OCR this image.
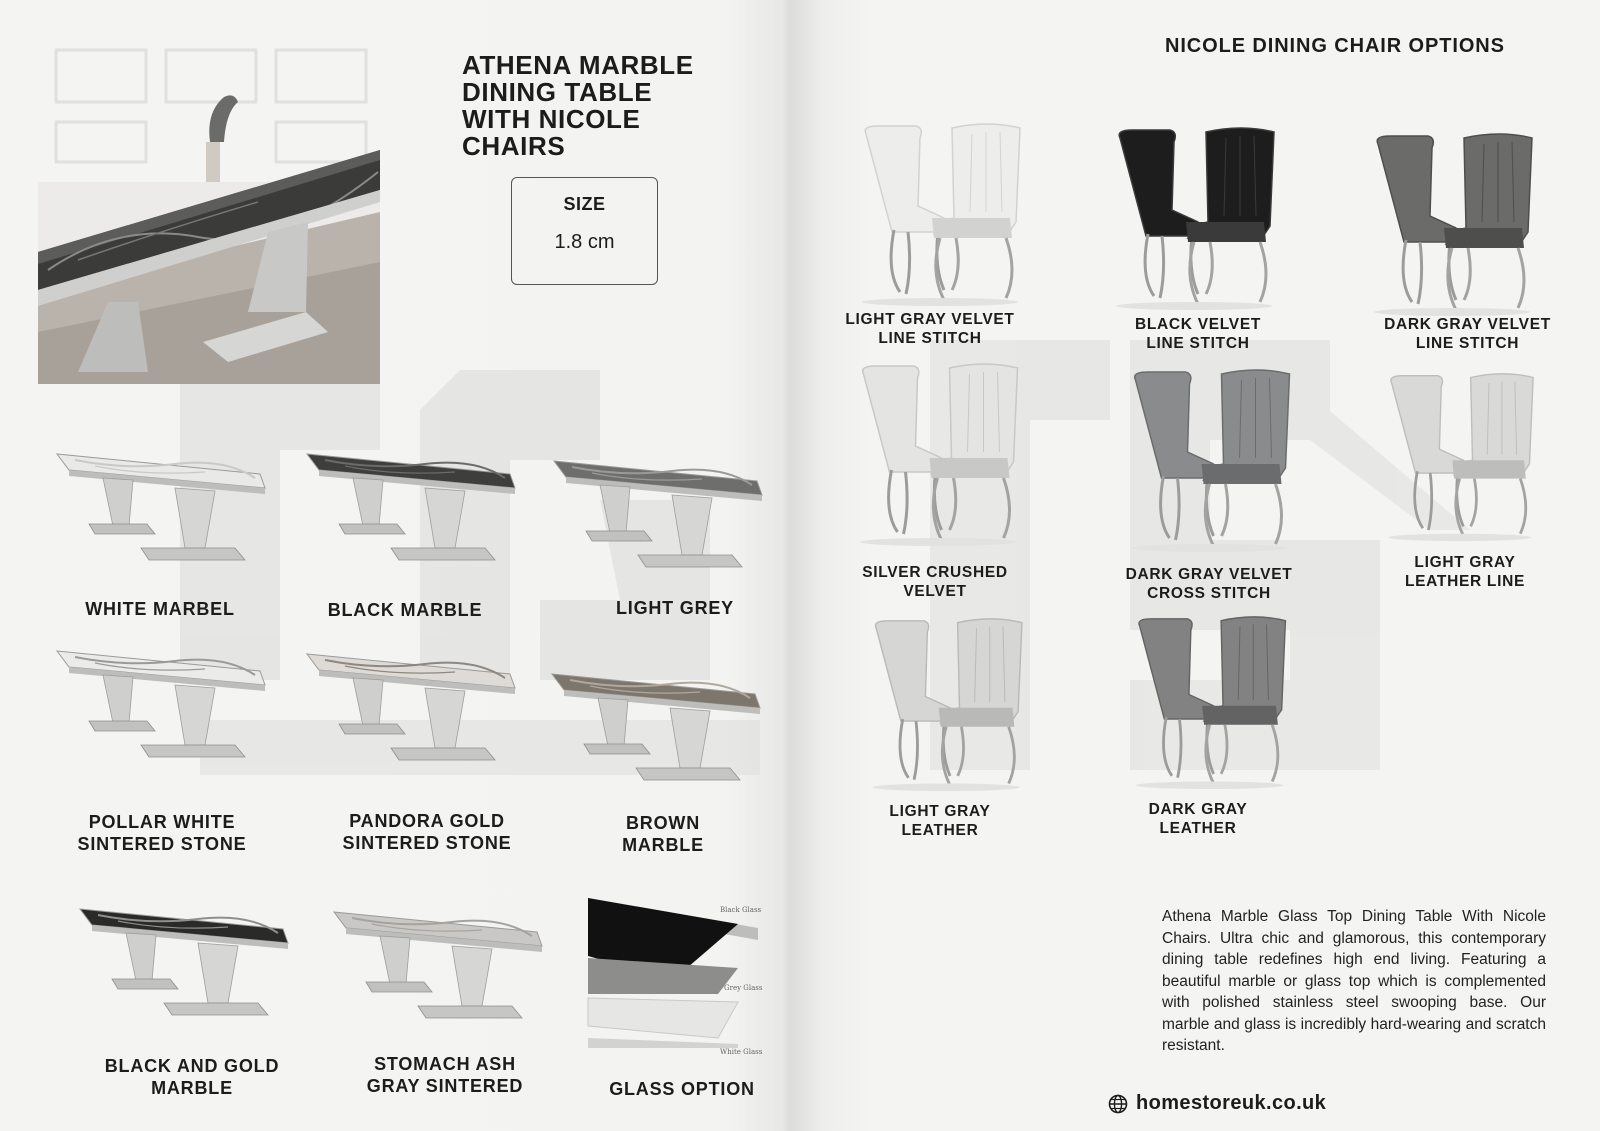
ATHENA MARBLE
DINING TABLE
WITH NICOLE
CHAIRS
SIZE
1.8 cm
WHITE MARBEL	BLACK MARBLE	LIGHT GREY
POLLAR WHITE
SINTERED STONE
PANDORA GOLD
SINTERED STONE
BROWN
MARBLE
BLACK AND GOLD
MARBLE
STOMACH ASH
GRAY SINTERED
Black Glass
Grey Glass
White Glass
GLASS OPTION
NICOLE DINING CHAIR OPTIONS
LIGHT GRAY VELVET
LINE STITCH
BLACK VELVET
LINE STITCH
DARK GRAY VELVET
LINE STITCH
SILVER CRUSHED
VELVET
DARK GRAY VELVET
CROSS STITCH
LIGHT GRAY
LEATHER LINE
LIGHT GRAY
LEATHER
DARK GRAY
LEATHER

Athena Marble Glass Top Dining Table With Nicole Chairs. Ultra chic and glamorous, this contemporary dining table redefines high end living. Featuring a beautiful marble or glass top which is complemented with polished stainless steel swooping base. Our marble and glass is incredibly hard-wearing and scratch resistant.

homestoreuk.co.uk
